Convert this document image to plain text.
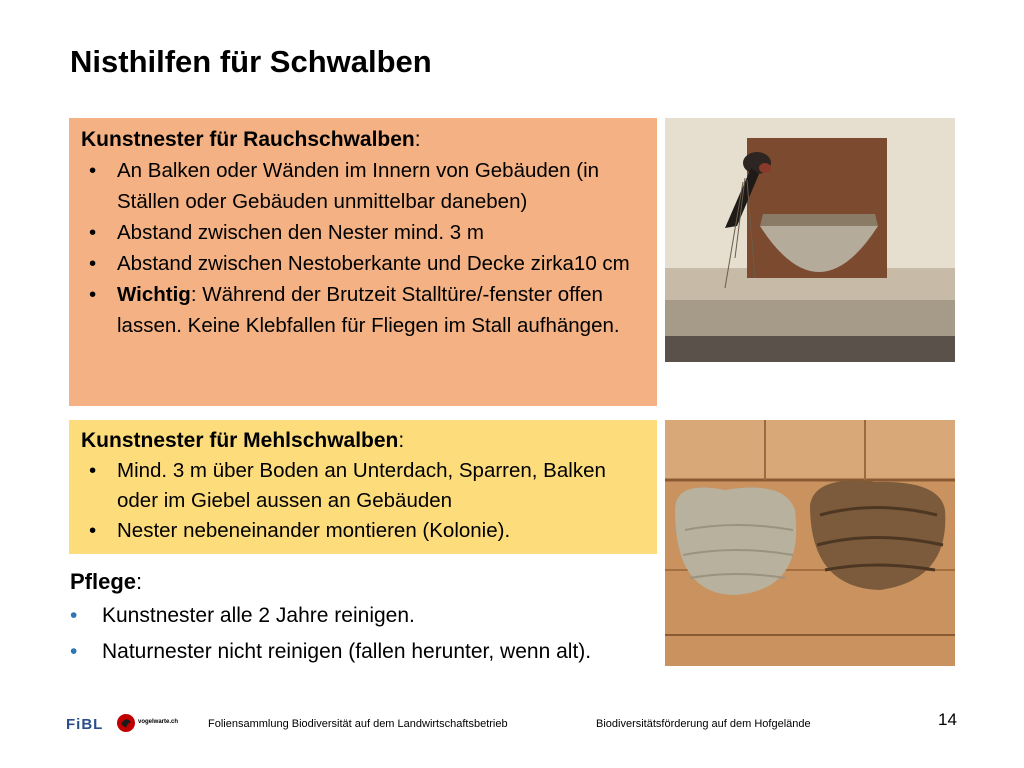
Nisthilfen für Schwalben
Kunstnester für Rauchschwalben:
• An Balken oder Wänden im Innern von Gebäuden (in Ställen oder Gebäuden unmittelbar daneben)
• Abstand zwischen den Nester mind. 3 m
• Abstand zwischen Nestoberkante und Decke zirka10 cm
• Wichtig: Während der Brutzeit Stalltüre/-fenster offen lassen. Keine Klebfallen für Fliegen im Stall aufhängen.
Kunstnester für Mehlschwalben:
• Mind. 3 m über Boden an Unterdach, Sparren, Balken oder im Giebel aussen an Gebäuden
• Nester nebeneinander montieren (Kolonie).
Pflege:
• Kunstnester alle 2 Jahre reinigen.
• Naturnester nicht reinigen (fallen herunter, wenn alt).
FiBL	vogelwarte.ch	Foliensammlung Biodiversität auf dem Landwirtschaftsbetrieb	Biodiversitätsförderung auf dem Hofgelände	14
